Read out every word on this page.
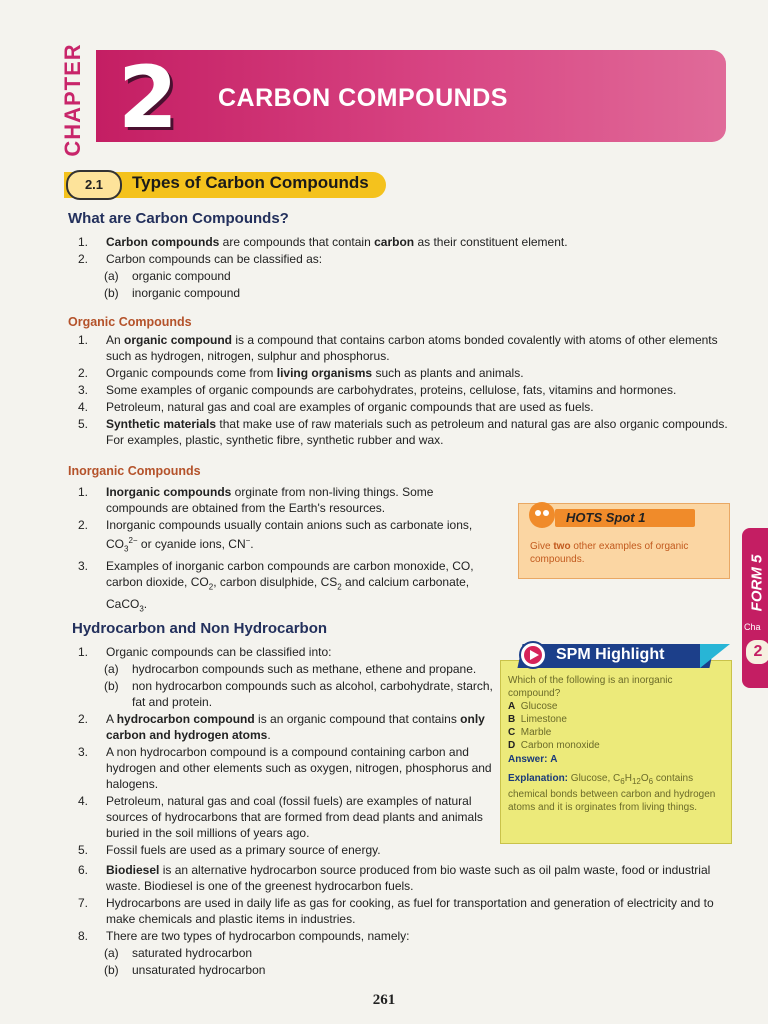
CHAPTER 2 CARBON COMPOUNDS
2.1	Types of Carbon Compounds
What are Carbon Compounds?
1. Carbon compounds are compounds that contain carbon as their constituent element.
2. Carbon compounds can be classified as:
(a) organic compound
(b) inorganic compound
Organic Compounds
1. An organic compound is a compound that contains carbon atoms bonded covalently with atoms of other elements such as hydrogen, nitrogen, sulphur and phosphorus.
2. Organic compounds come from living organisms such as plants and animals.
3. Some examples of organic compounds are carbohydrates, proteins, cellulose, fats, vitamins and hormones.
4. Petroleum, natural gas and coal are examples of organic compounds that are used as fuels.
5. Synthetic materials that make use of raw materials such as petroleum and natural gas are also organic compounds. For examples, plastic, synthetic fibre, synthetic rubber and wax.
Inorganic Compounds
1. Inorganic compounds orginate from non-living things. Some compounds are obtained from the Earth's resources.
2. Inorganic compounds usually contain anions such as carbonate ions, $CO_3^{2-}$ or cyanide ions, CN−.
3. Examples of inorganic carbon compounds are carbon monoxide, CO, carbon dioxide, $CO_2$, carbon disulphide, $CS_2$ and calcium carbonate, CaCO$_3$.
Hydrocarbon and Non Hydrocarbon
1. Organic compounds can be classified into:
(a) hydrocarbon compounds such as methane, ethene and propane.
(b) non hydrocarbon compounds such as alcohol, carbohydrate, starch, fat and protein.
2. A hydrocarbon compound is an organic compound that contains only carbon and hydrogen atoms.
3. A non hydrocarbon compound is a compound containing carbon and hydrogen and other elements such as oxygen, nitrogen, phosphorus and halogens.
4. Petroleum, natural gas and coal (fossil fuels) are examples of natural sources of hydrocarbons that are formed from dead plants and animals buried in the soil millions of years ago.
5. Fossil fuels are used as a primary source of energy.
6. Biodiesel is an alternative hydrocarbon source produced from bio waste such as oil palm waste, food or industrial waste. Biodiesel is one of the greenest hydrocarbon fuels.
7. Hydrocarbons are used in daily life as gas for cooking, as fuel for transportation and generation of electricity and to make chemicals and plastic items in industries.
8. There are two types of hydrocarbon compounds, namely:
(a) saturated hydrocarbon
(b) unsaturated hydrocarbon
HOTS Spot 1
Give two other examples of organic compounds.
SPM Highlight
Which of the following is an inorganic compound?
A  Glucose
B  Limestone
C  Marble
D  Carbon monoxide
Answer: A
Explanation: Glucose, $C_6H_{12}O_6$ contains chemical bonds between carbon and hydrogen atoms and it is orginates from living things.
FORM 5
Cha
2
261
